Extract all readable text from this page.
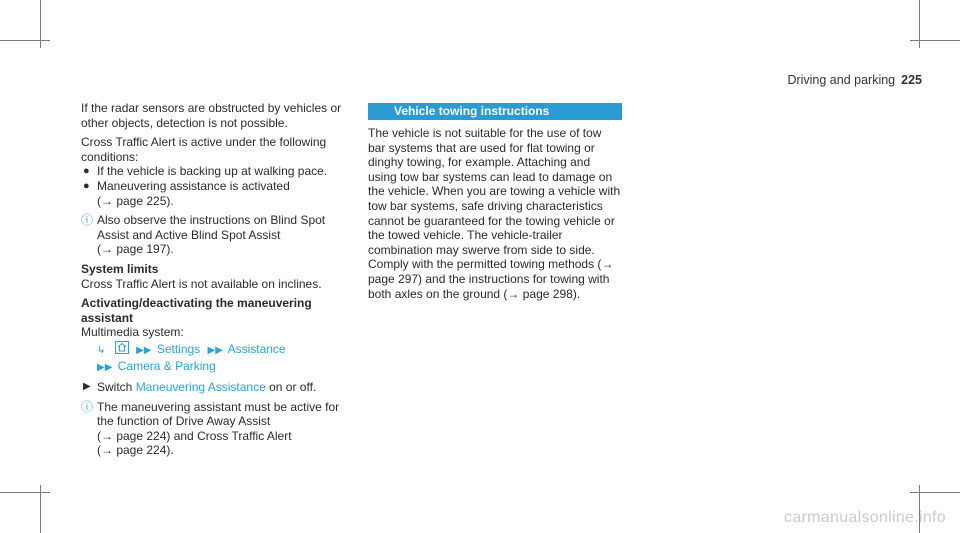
Driving and parking 225

If the radar sensors are obstructed by vehicles or other objects, detection is not possible.

Cross Traffic Alert is active under the following conditions:

● If the vehicle is backing up at walking pace.
● Maneuvering assistance is activated

(→ page 225).

ⓘ Also observe the instructions on Blind Spot Assist and Active Blind Spot Assist

(→ page 197).

System limits

Cross Traffic Alert is not available on inclines.

Activating/deactivating the maneuvering assistant

Multimedia system:

↳	▶▶ Settings ▶▶ Assistance
▶▶ Camera & Parking
▶ Switch Maneuvering Assistance on or off.
ⓘ The maneuvering assistant must be active for the function of Drive Away Assist

(→ page 224) and Cross Traffic Alert

(→ page 224).

Vehicle towing instructions

The vehicle is not suitable for the use of tow bar systems that are used for flat towing or dinghy towing, for example. Attaching and using tow bar systems can lead to damage on the vehicle. When you are towing a vehicle with tow bar systems, safe driving characteristics cannot be guaranteed for the towing vehicle or the towed vehicle. The vehicle-trailer combination may swerve from side to side. Comply with the permitted towing methods (→ page 297) and the instructions for towing with both axles on the ground (→ page 298).

carmanualsonline.info
